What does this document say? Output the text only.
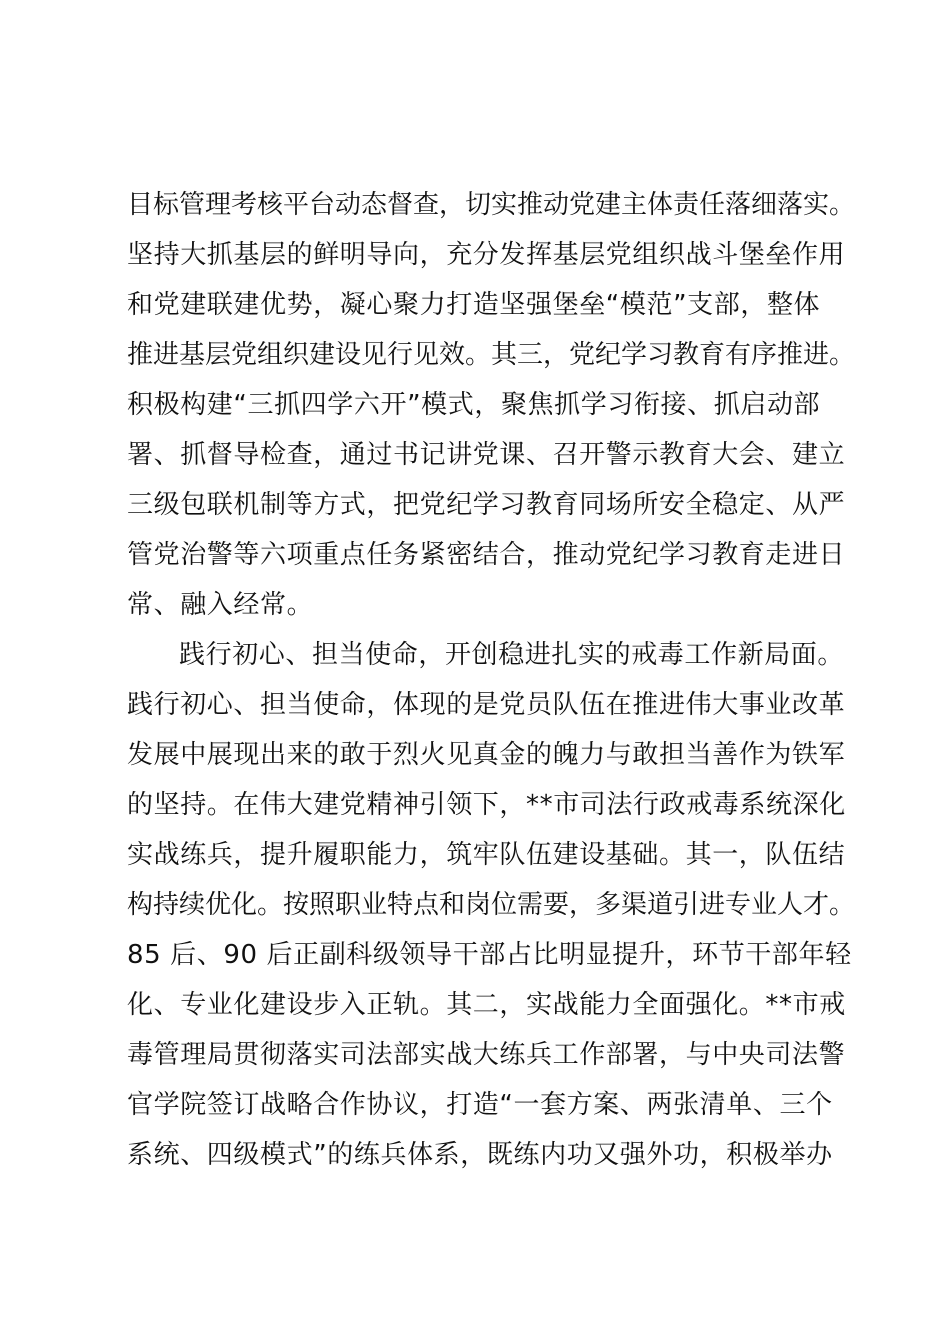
目标管理考核平台动态督查，切实推动党建主体责任落细落实。
坚持大抓基层的鲜明导向，充分发挥基层党组织战斗堡垒作用
和党建联建优势，凝心聚力打造坚强堡垒“模范”支部，整体
推进基层党组织建设见行见效。其三，党纪学习教育有序推进。
积极构建“三抓四学六开”模式，聚焦抓学习衔接、抓启动部
署、抓督导检查，通过书记讲党课、召开警示教育大会、建立
三级包联机制等方式，把党纪学习教育同场所安全稳定、从严
管党治警等六项重点任务紧密结合，推动党纪学习教育走进日
常、融入经常。
践行初心、担当使命，开创稳进扎实的戒毒工作新局面。
践行初心、担当使命，体现的是党员队伍在推进伟大事业改革
发展中展现出来的敢于烈火见真金的魄力与敢担当善作为铁军
的坚持。在伟大建党精神引领下，**市司法行政戒毒系统深化
实战练兵，提升履职能力，筑牢队伍建设基础。其一，队伍结
构持续优化。按照职业特点和岗位需要，多渠道引进专业人才。
85 后、90 后正副科级领导干部占比明显提升，环节干部年轻
化、专业化建设步入正轨。其二，实战能力全面强化。**市戒
毒管理局贯彻落实司法部实战大练兵工作部署，与中央司法警
官学院签订战略合作协议，打造“一套方案、两张清单、三个
系统、四级模式”的练兵体系，既练内功又强外功，积极举办
